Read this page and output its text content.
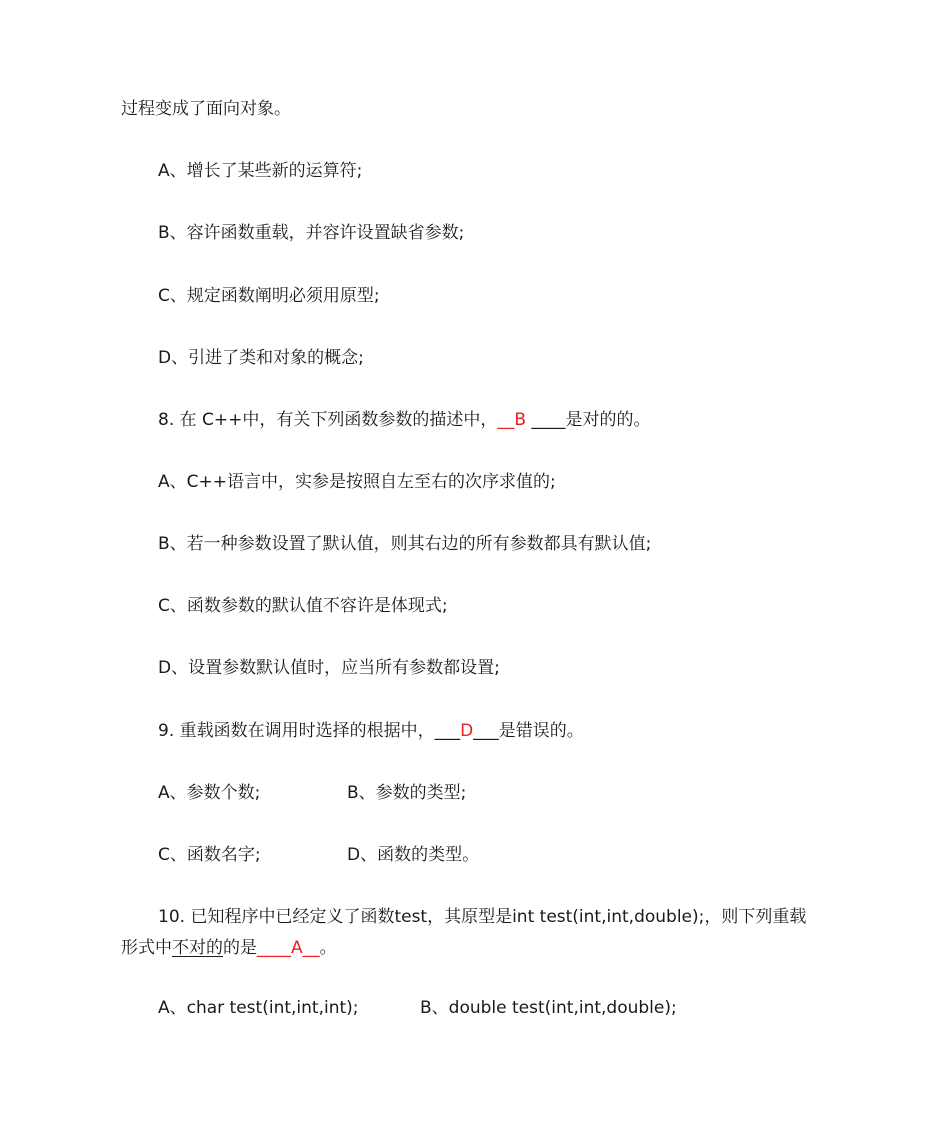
过程变成了面向对象。
A、增长了某些新的运算符;
B、容许函数重载，并容许设置缺省参数;
C、规定函数阐明必须用原型;
D、引进了类和对象的概念;
8. 在 C++中，有关下列函数参数的描述中，__B ____是对的的。
A、C++语言中，实参是按照自左至右的次序求值的;
B、若一种参数设置了默认值，则其右边的所有参数都具有默认值;
C、函数参数的默认值不容许是体现式;
D、设置参数默认值时，应当所有参数都设置;
9. 重载函数在调用时选择的根据中，___D___是错误的。
A、参数个数;	B、参数的类型;
C、函数名字;	D、函数的类型。
10. 已知程序中已经定义了函数test，其原型是int test(int,int,double);，则下列重载
形式中不对的的是____A__。
A、char test(int,int,int);	B、double test(int,int,double);
